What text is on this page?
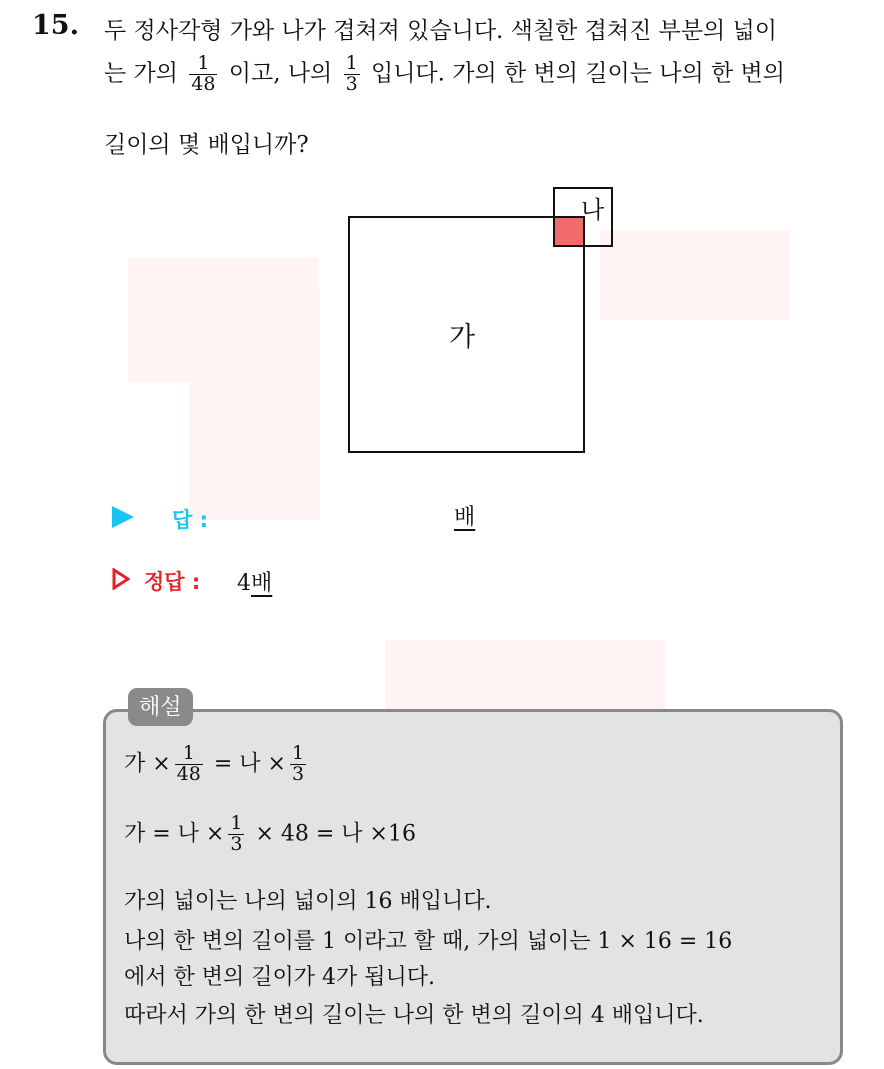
15. 두 정사각형 가와 나가 겹쳐져 있습니다. 색칠한 겹쳐진 부분의 넓이
는 가의 $\frac{1}{48}$ 이고, 나의 $\frac{1}{3}$ 입니다. 가의 한 변의 길이는 나의 한 변의
길이의 몇 배입니까?
가
나
답 :	배
정답 : 4배
해설
가 × $\frac{1}{48}$ = 나 × $\frac{1}{3}$
가 = 나 × $\frac{1}{3} \times 48$ = 나 ×16
가의 넓이는 나의 넓이의 16 배입니다.
나의 한 변의 길이를 1 이라고 할 때, 가의 넓이는 1 × 16 = 16
에서 한 변의 길이가 4가 됩니다.
따라서 가의 한 변의 길이는 나의 한 변의 길이의 4 배입니다.
